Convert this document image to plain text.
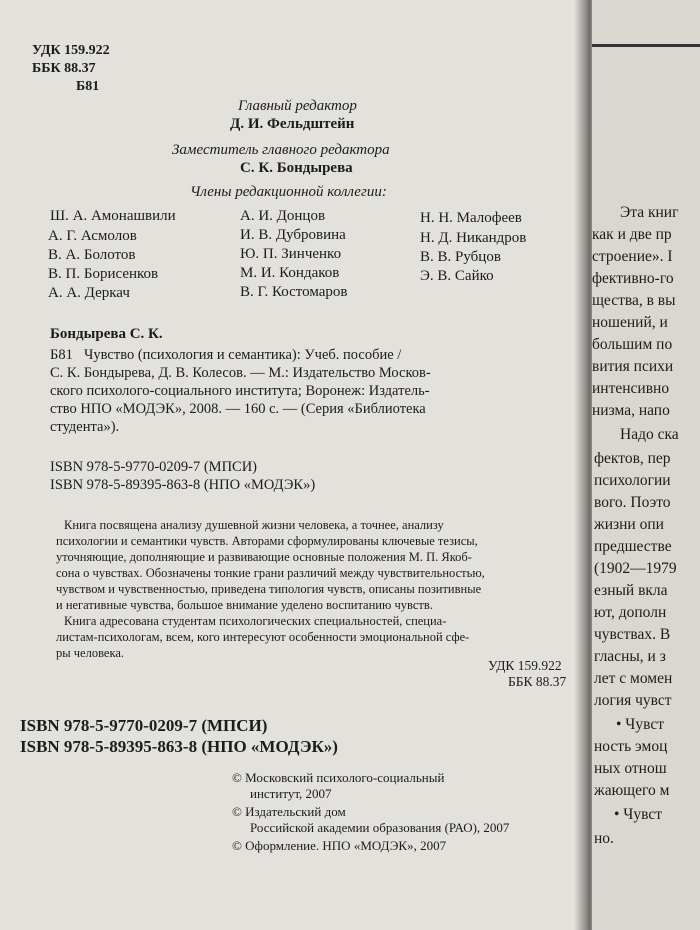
УДК 159.922
ББК 88.37
Б81
Главный редактор
Д. И. Фельдштейн
Заместитель главного редактора
С. К. Бондырева
Члены редакционной коллегии:
Ш. А. Амонашвили
А. Г. Асмолов
В. А. Болотов
В. П. Борисенков
А. А. Деркач
А. И. Донцов
И. В. Дубровина
Ю. П. Зинченко
М. И. Кондаков
В. Г. Костомаров
Н. Н. Малофеев
Н. Д. Никандров
В. В. Рубцов
Э. В. Сайко
Бондырева С. К.
Б81 Чувство (психология и семантика): Учеб. пособие /
С. К. Бондырева, Д. В. Колесов. — М.: Издательство Москов-
ского психолого-социального института; Воронеж: Издатель-
ство НПО «МОДЭК», 2008. — 160 с. — (Серия «Библиотека
студента»).
ISBN 978-5-9770-0209-7 (МПСИ)
ISBN 978-5-89395-863-8 (НПО «МОДЭК»)
Книга посвящена анализу душевной жизни человека, а точнее, анализу
психологии и семантики чувств. Авторами сформулированы ключевые тезисы,
уточняющие, дополняющие и развивающие основные положения М. П. Якоб-
сона о чувствах. Обозначены тонкие грани различий между чувствительностью,
чувством и чувственностью, приведена типология чувств, описаны позитивные
и негативные чувства, большое внимание уделено воспитанию чувств.
Книга адресована студентам психологических специальностей, специа-
листам-психологам, всем, кого интересуют особенности эмоциональной сфе-
ры человека.
УДК 159.922
ББК 88.37
ISBN 978-5-9770-0209-7 (МПСИ)
ISBN 978-5-89395-863-8 (НПО «МОДЭК»)
© Московский психолого-социальный
институт, 2007
© Издательский дом
Российской академии образования (РАО), 2007
© Оформление. НПО «МОДЭК», 2007
Эта книг
как и две пр
строение». I
фективно-го
щества, в вы
ношений, и
большим по
вития психи
интенсивно
низма, напо
Надо ска
фектов, пер
психологии
вого. Поэто
жизни опи
предшестве
(1902—1979
езный вкла
ют, дополн
чувствах. В
гласны, и з
лет с момен
логия чувст
• Чувст
ность эмоц
ных отнош
жающего м
• Чувст
но.
